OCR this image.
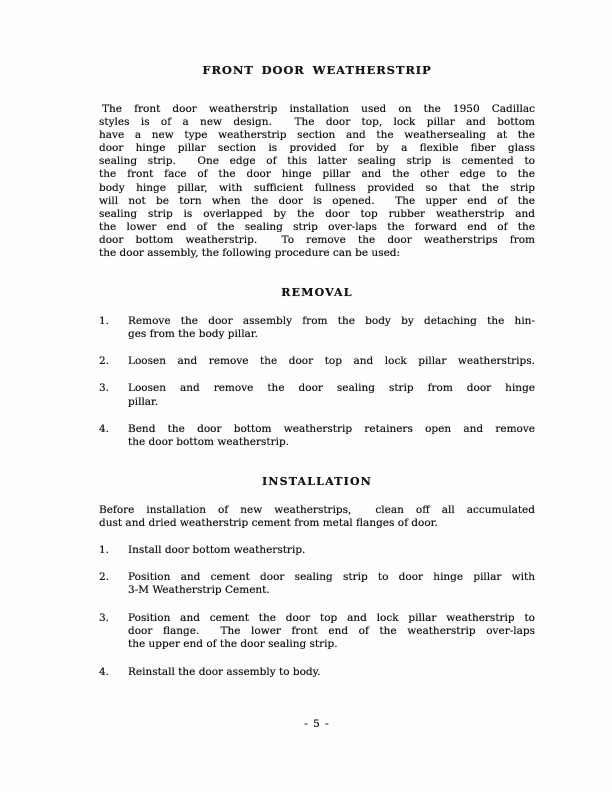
FRONT DOOR WEATHERSTRIP
The front door weatherstrip installation used on the 1950 Cadillac
styles is of a new design.  The door top, lock pillar and bottom
have a new type weatherstrip section and the weathersealing at the
door hinge pillar section is provided for by a flexible fiber glass
sealing strip.  One edge of this latter sealing strip is cemented to
the front face of the door hinge pillar and the other edge to the
body hinge pillar, with sufficient fullness provided so that the strip
will not be torn when the door is opened.  The upper end of the
sealing strip is overlapped by the door top rubber weatherstrip and
the lower end of the sealing strip over-laps the forward end of the
door bottom weatherstrip.  To remove the door weatherstrips from
the door assembly, the following procedure can be used:
REMOVAL
1.	Remove the door assembly from the body by detaching the hin-
ges from the body pillar.
2.	Loosen and remove the door top and lock pillar weatherstrips.
3.	Loosen and remove the door sealing strip from door hinge
pillar.
4.	Bend the door bottom weatherstrip retainers open and remove
the door bottom weatherstrip.
INSTALLATION
Before installation of new weatherstrips,  clean off all accumulated
dust and dried weatherstrip cement from metal flanges of door.
1.	Install door bottom weatherstrip.
2.	Position and cement door sealing strip to door hinge pillar with
3-M Weatherstrip Cement.
3.	Position and cement the door top and lock pillar weatherstrip to
door flange.  The lower front end of the weatherstrip over-laps
the upper end of the door sealing strip.
4.	Reinstall the door assembly to body.
- 5 -
